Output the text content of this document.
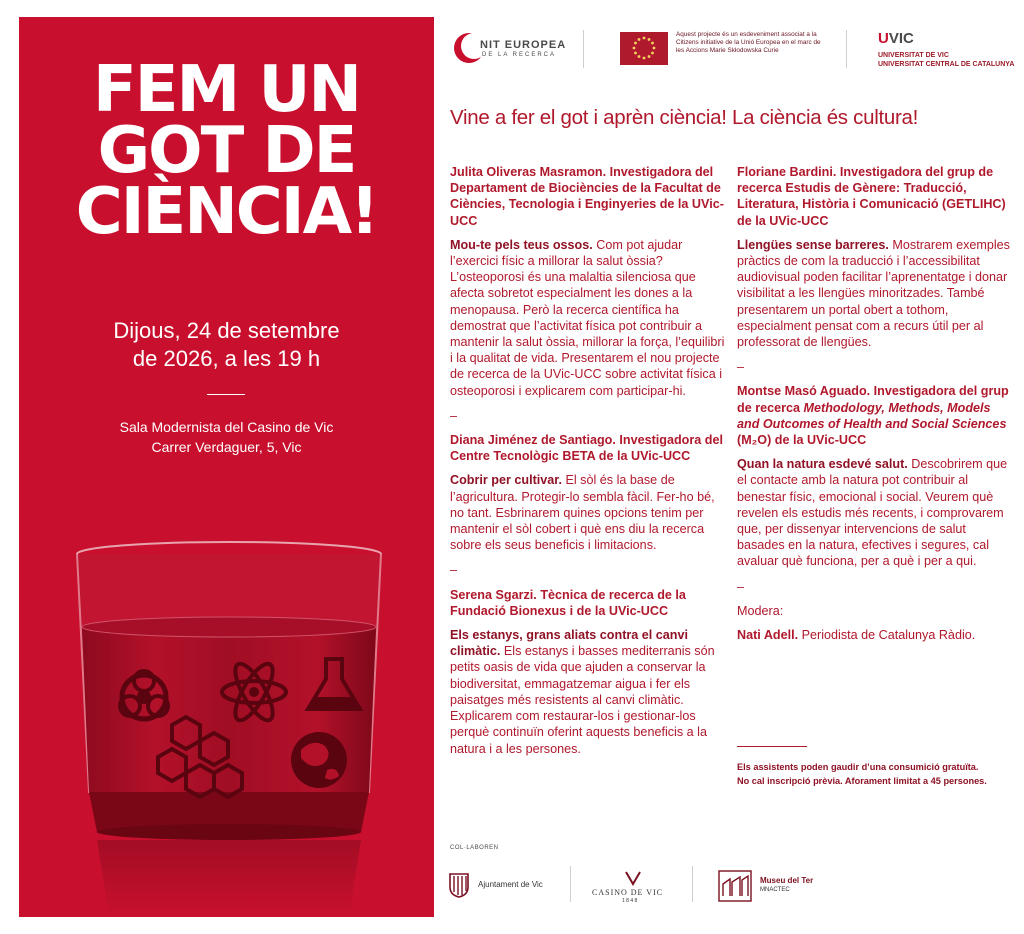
FEM UN
GOT DE
CIÈNCIA!
Dijous, 24 de setembre
de 2026, a les 19 h
Sala Modernista del Casino de Vic
Carrer Verdaguer, 5, Vic
NIT EUROPEA
DE LA RECERCA
Aquest projecte és un esdeveniment associat a la Citizens initiative de la Unió Europea en el marc de les Accions Marie Skłodowska Curie
UVIC
UNIVERSITAT DE VIC
UNIVERSITAT CENTRAL DE CATALUNYA
Vine a fer el got i aprèn ciència! La ciència és cultura!
Julita Oliveras Masramon. Investigadora del Departament de Biociències de la Facultat de Ciències, Tecnologia i Enginyeries de la UVic-UCC
Mou-te pels teus ossos. Com pot ajudar l’exercici físic a millorar la salut òssia? L’osteoporosi és una malaltia silenciosa que afecta sobretot especialment les dones a la menopausa. Però la recerca científica ha demostrat que l’activitat física pot contribuir a mantenir la salut òssia, millorar la força, l’equilibri i la qualitat de vida. Presentarem el nou projecte de recerca de la UVic-UCC sobre activitat física i osteoporosi i explicarem com participar-hi.
–
Diana Jiménez de Santiago. Investigadora del Centre Tecnològic BETA de la UVic-UCC
Cobrir per cultivar. El sòl és la base de l’agricultura. Protegir-lo sembla fàcil. Fer-ho bé, no tant. Esbrinarem quines opcions tenim per mantenir el sòl cobert i què ens diu la recerca sobre els seus beneficis i limitacions.
–
Serena Sgarzi. Tècnica de recerca de la Fundació Bionexus i de la UVic-UCC
Els estanys, grans aliats contra el canvi climàtic. Els estanys i basses mediterranis són petits oasis de vida que ajuden a conservar la biodiversitat, emmagatzemar aigua i fer els paisatges més resistents al canvi climàtic. Explicarem com restaurar-los i gestionar-los perquè continuïn oferint aquests beneficis a la natura i a les persones.
Floriane Bardini. Investigadora del grup de recerca Estudis de Gènere: Traducció, Literatura, Història i Comunicació (GETLIHC) de la UVic-UCC
Llengües sense barreres. Mostrarem exemples pràctics de com la traducció i l’accessibilitat audiovisual poden facilitar l’aprenentatge i donar visibilitat a les llengües minoritzades. També presentarem un portal obert a tothom, especialment pensat com a recurs útil per al professorat de llengües.
–
Montse Masó Aguado. Investigadora del grup de recerca Methodology, Methods, Models and Outcomes of Health and Social Sciences (M₂O) de la UVic-UCC
Quan la natura esdevé salut. Descobrirem que el contacte amb la natura pot contribuir al benestar físic, emocional i social. Veurem què revelen els estudis més recents, i comprovarem que, per dissenyar intervencions de salut basades en la natura, efectives i segures, cal avaluar què funciona, per a què i per a qui.
–
Modera:
Nati Adell. Periodista de Catalunya Ràdio.
Els assistents poden gaudir d’una consumició gratuïta.
No cal inscripció prèvia. Aforament limitat a 45 persones.
COL·LABOREN
Ajuntament de Vic
CASINO DE VIC
1 8 4 8
Museu del Ter
MNACTEC
